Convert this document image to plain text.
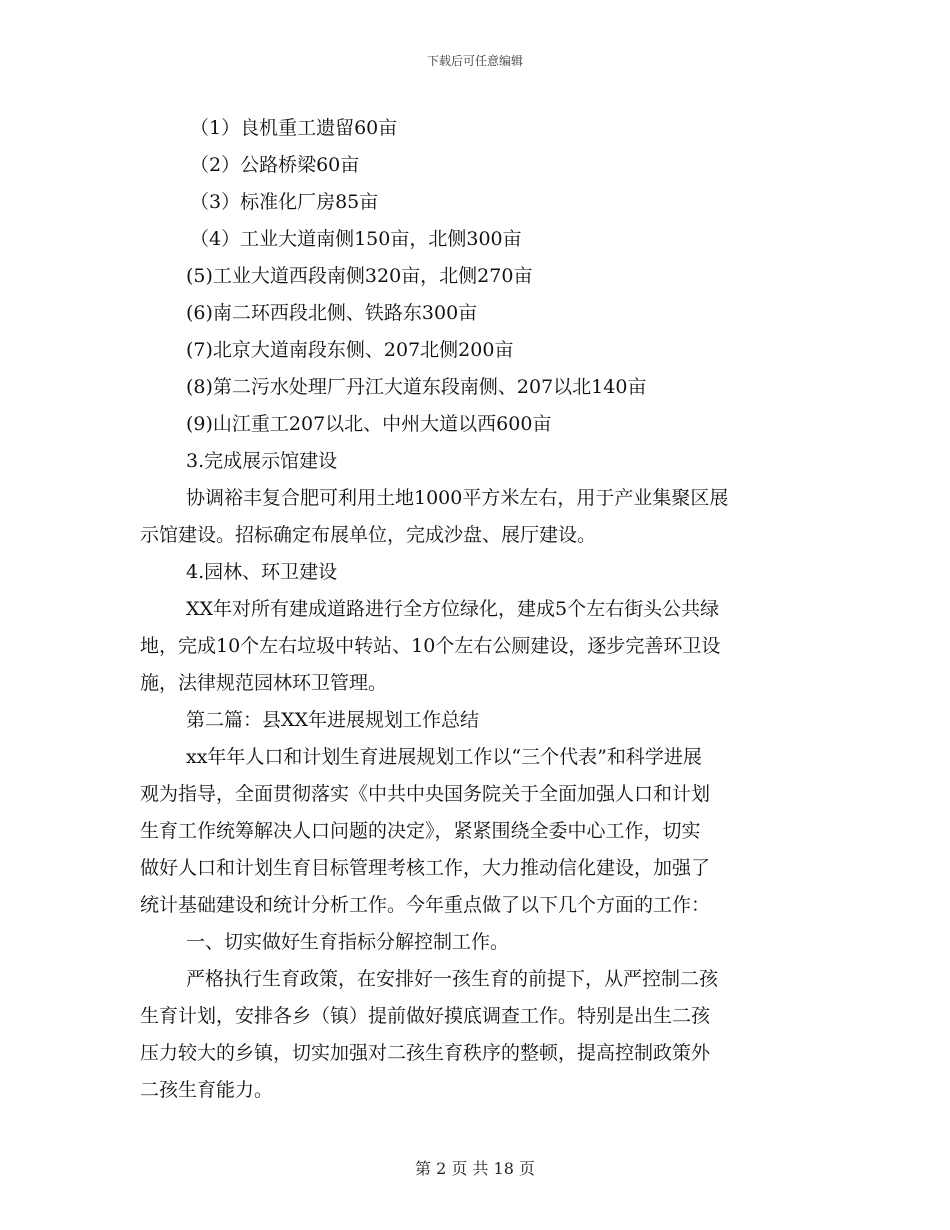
下载后可任意编辑
（1）良机重工遗留60亩
（2）公路桥梁60亩
（3）标准化厂房85亩
（4）工业大道南侧150亩，北侧300亩
(5)工业大道西段南侧320亩，北侧270亩
(6)南二环西段北侧、铁路东300亩
(7)北京大道南段东侧、207北侧200亩
(8)第二污水处理厂丹江大道东段南侧、207以北140亩
(9)山江重工207以北、中州大道以西600亩
3.完成展示馆建设
协调裕丰复合肥可利用土地1000平方米左右，用于产业集聚区展
示馆建设。招标确定布展单位，完成沙盘、展厅建设。
4.园林、环卫建设
XX年对所有建成道路进行全方位绿化，建成5个左右街头公共绿
地，完成10个左右垃圾中转站、10个左右公厕建设，逐步完善环卫设
施，法律规范园林环卫管理。
第二篇：县XX年进展规划工作总结
xx年年人口和计划生育进展规划工作以“三个代表”和科学进展
观为指导，全面贯彻落实《中共中央国务院关于全面加强人口和计划
生育工作统筹解决人口问题的决定》，紧紧围绕全委中心工作，切实
做好人口和计划生育目标管理考核工作，大力推动信化建设，加强了
统计基础建设和统计分析工作。今年重点做了以下几个方面的工作：
一、切实做好生育指标分解控制工作。
严格执行生育政策，在安排好一孩生育的前提下，从严控制二孩
生育计划，安排各乡（镇）提前做好摸底调查工作。特别是出生二孩
压力较大的乡镇，切实加强对二孩生育秩序的整顿，提高控制政策外
二孩生育能力。
第 2 页 共 18 页
